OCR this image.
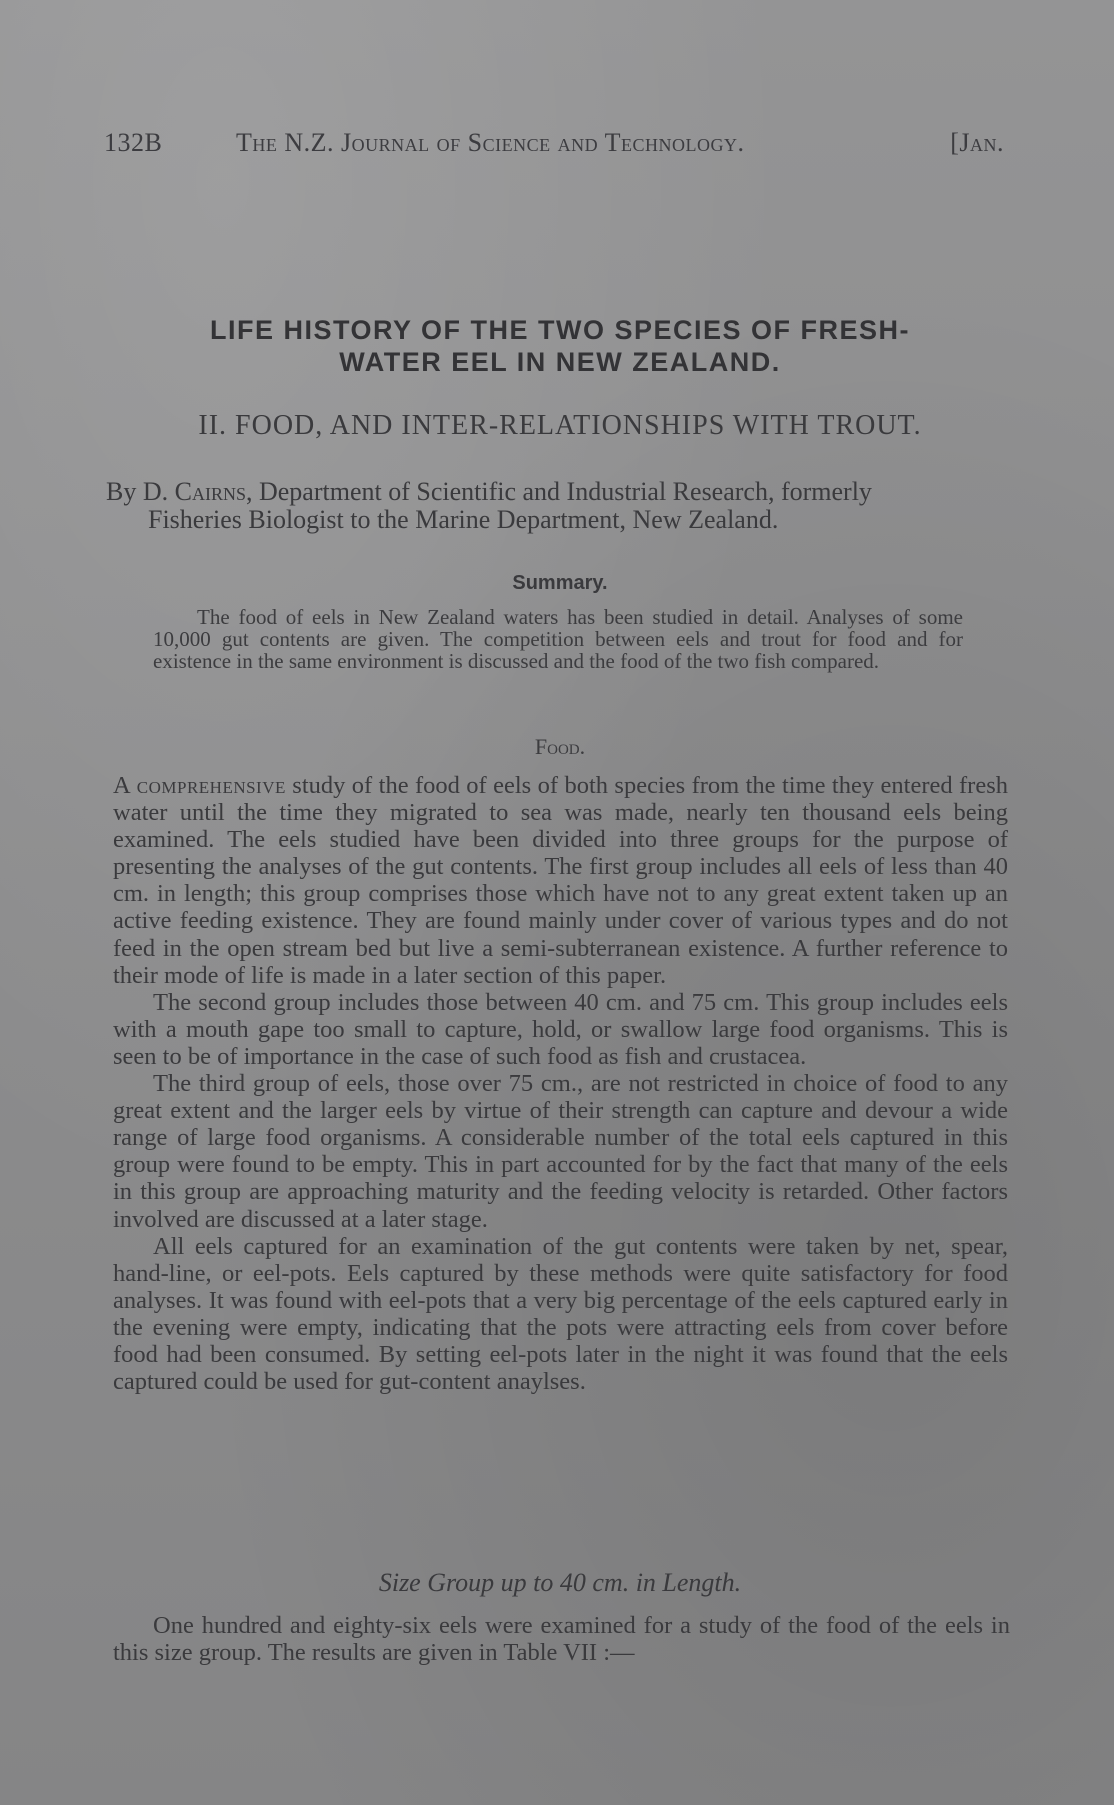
132B	The N.Z. Journal of Science and Technology.	[Jan.
LIFE HISTORY OF THE TWO SPECIES OF FRESH-
WATER EEL IN NEW ZEALAND.
II. FOOD, AND INTER-RELATIONSHIPS WITH TROUT.
By D. Cairns, Department of Scientific and Industrial Research, formerly
Fisheries Biologist to the Marine Department, New Zealand.
Summary.
The food of eels in New Zealand waters has been studied in detail. Analyses of some 10,000 gut contents are given. The competition between eels and trout for food and for existence in the same environment is discussed and the food of the two fish compared.
Food.

A comprehensive study of the food of eels of both species from the time they entered fresh water until the time they migrated to sea was made, nearly ten thousand eels being examined. The eels studied have been divided into three groups for the purpose of presenting the analyses of the gut contents. The first group includes all eels of less than 40 cm. in length; this group comprises those which have not to any great extent taken up an active feeding existence. They are found mainly under cover of various types and do not feed in the open stream bed but live a semi-subterranean existence. A further reference to their mode of life is made in a later section of this paper.

The second group includes those between 40 cm. and 75 cm. This group includes eels with a mouth gape too small to capture, hold, or swallow large food organisms. This is seen to be of importance in the case of such food as fish and crustacea.

The third group of eels, those over 75 cm., are not restricted in choice of food to any great extent and the larger eels by virtue of their strength can capture and devour a wide range of large food organisms. A considerable number of the total eels captured in this group were found to be empty. This in part accounted for by the fact that many of the eels in this group are approaching maturity and the feeding velocity is retarded. Other factors involved are discussed at a later stage.

All eels captured for an examination of the gut contents were taken by net, spear, hand-line, or eel-pots. Eels captured by these methods were quite satisfactory for food analyses. It was found with eel-pots that a very big percentage of the eels captured early in the evening were empty, indicating that the pots were attracting eels from cover before food had been consumed. By setting eel-pots later in the night it was found that the eels captured could be used for gut-content anaylses.

Size Group up to 40 cm. in Length.

One hundred and eighty-six eels were examined for a study of the food of the eels in this size group. The results are given in Table VII :—
